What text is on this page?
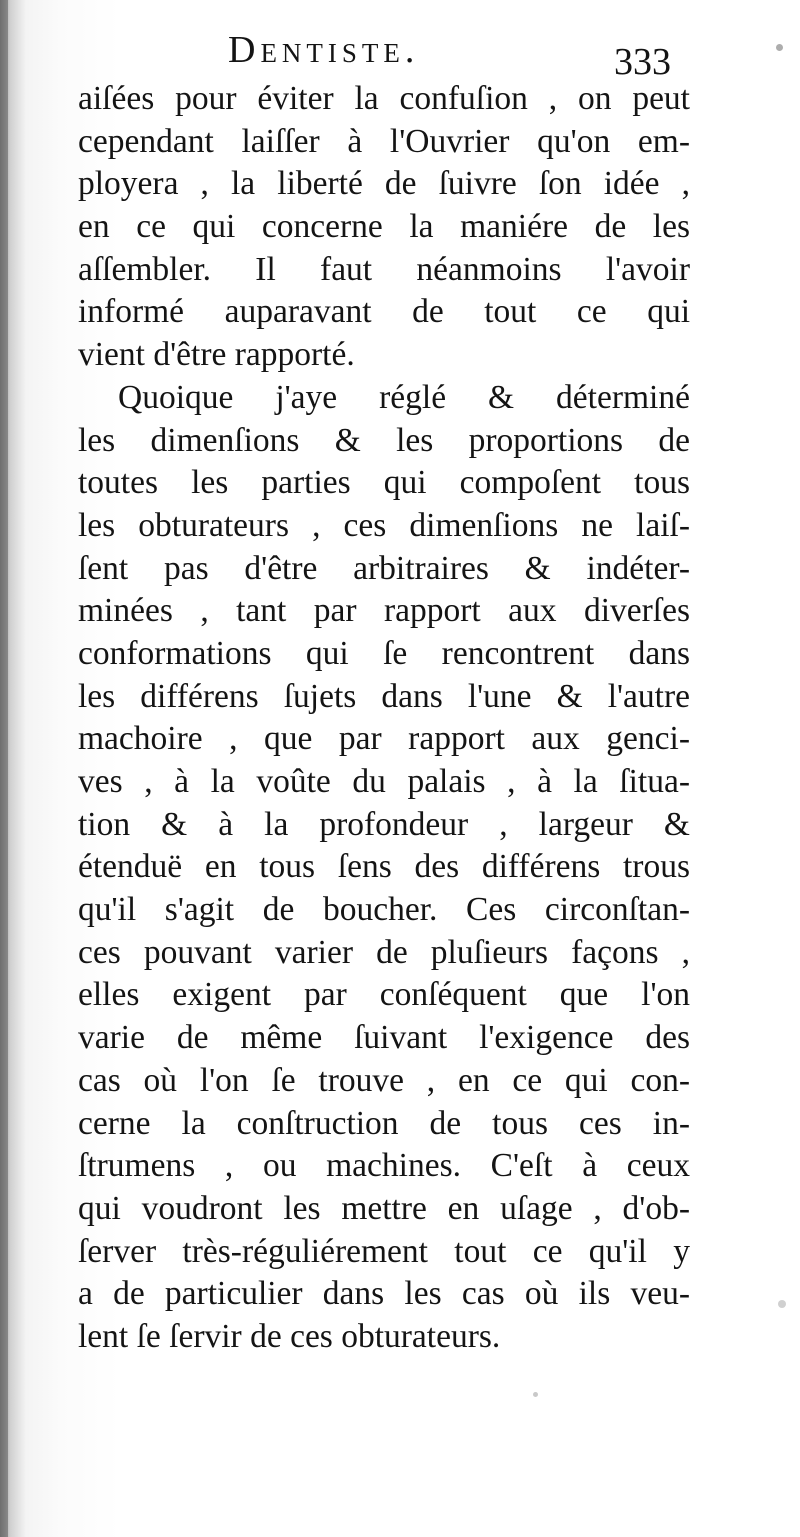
Dentiste.	333
aiſées pour éviter la confuſion , on peut
cependant laiſſer à l'Ouvrier qu'on em-
ployera , la liberté de ſuivre ſon idée ,
en ce qui concerne la maniére de les
aſſembler. Il faut néanmoins l'avoir
informé auparavant de tout ce qui
vient d'être rapporté.
Quoique j'aye réglé & déterminé
les dimenſions & les proportions de
toutes les parties qui compoſent tous
les obturateurs , ces dimenſions ne laiſ-
ſent pas d'être arbitraires & indéter-
minées , tant par rapport aux diverſes
conformations qui ſe rencontrent dans
les différens ſujets dans l'une & l'autre
machoire , que par rapport aux genci-
ves , à la voûte du palais , à la ſitua-
tion & à la profondeur , largeur &
étenduë en tous ſens des différens trous
qu'il s'agit de boucher. Ces circonſtan-
ces pouvant varier de pluſieurs façons ,
elles exigent par conſéquent que l'on
varie de même ſuivant l'exigence des
cas où l'on ſe trouve , en ce qui con-
cerne la conſtruction de tous ces in-
ſtrumens , ou machines. C'eſt à ceux
qui voudront les mettre en uſage , d'ob-
ſerver très-réguliérement tout ce qu'il y
a de particulier dans les cas où ils veu-
lent ſe ſervir de ces obturateurs.
